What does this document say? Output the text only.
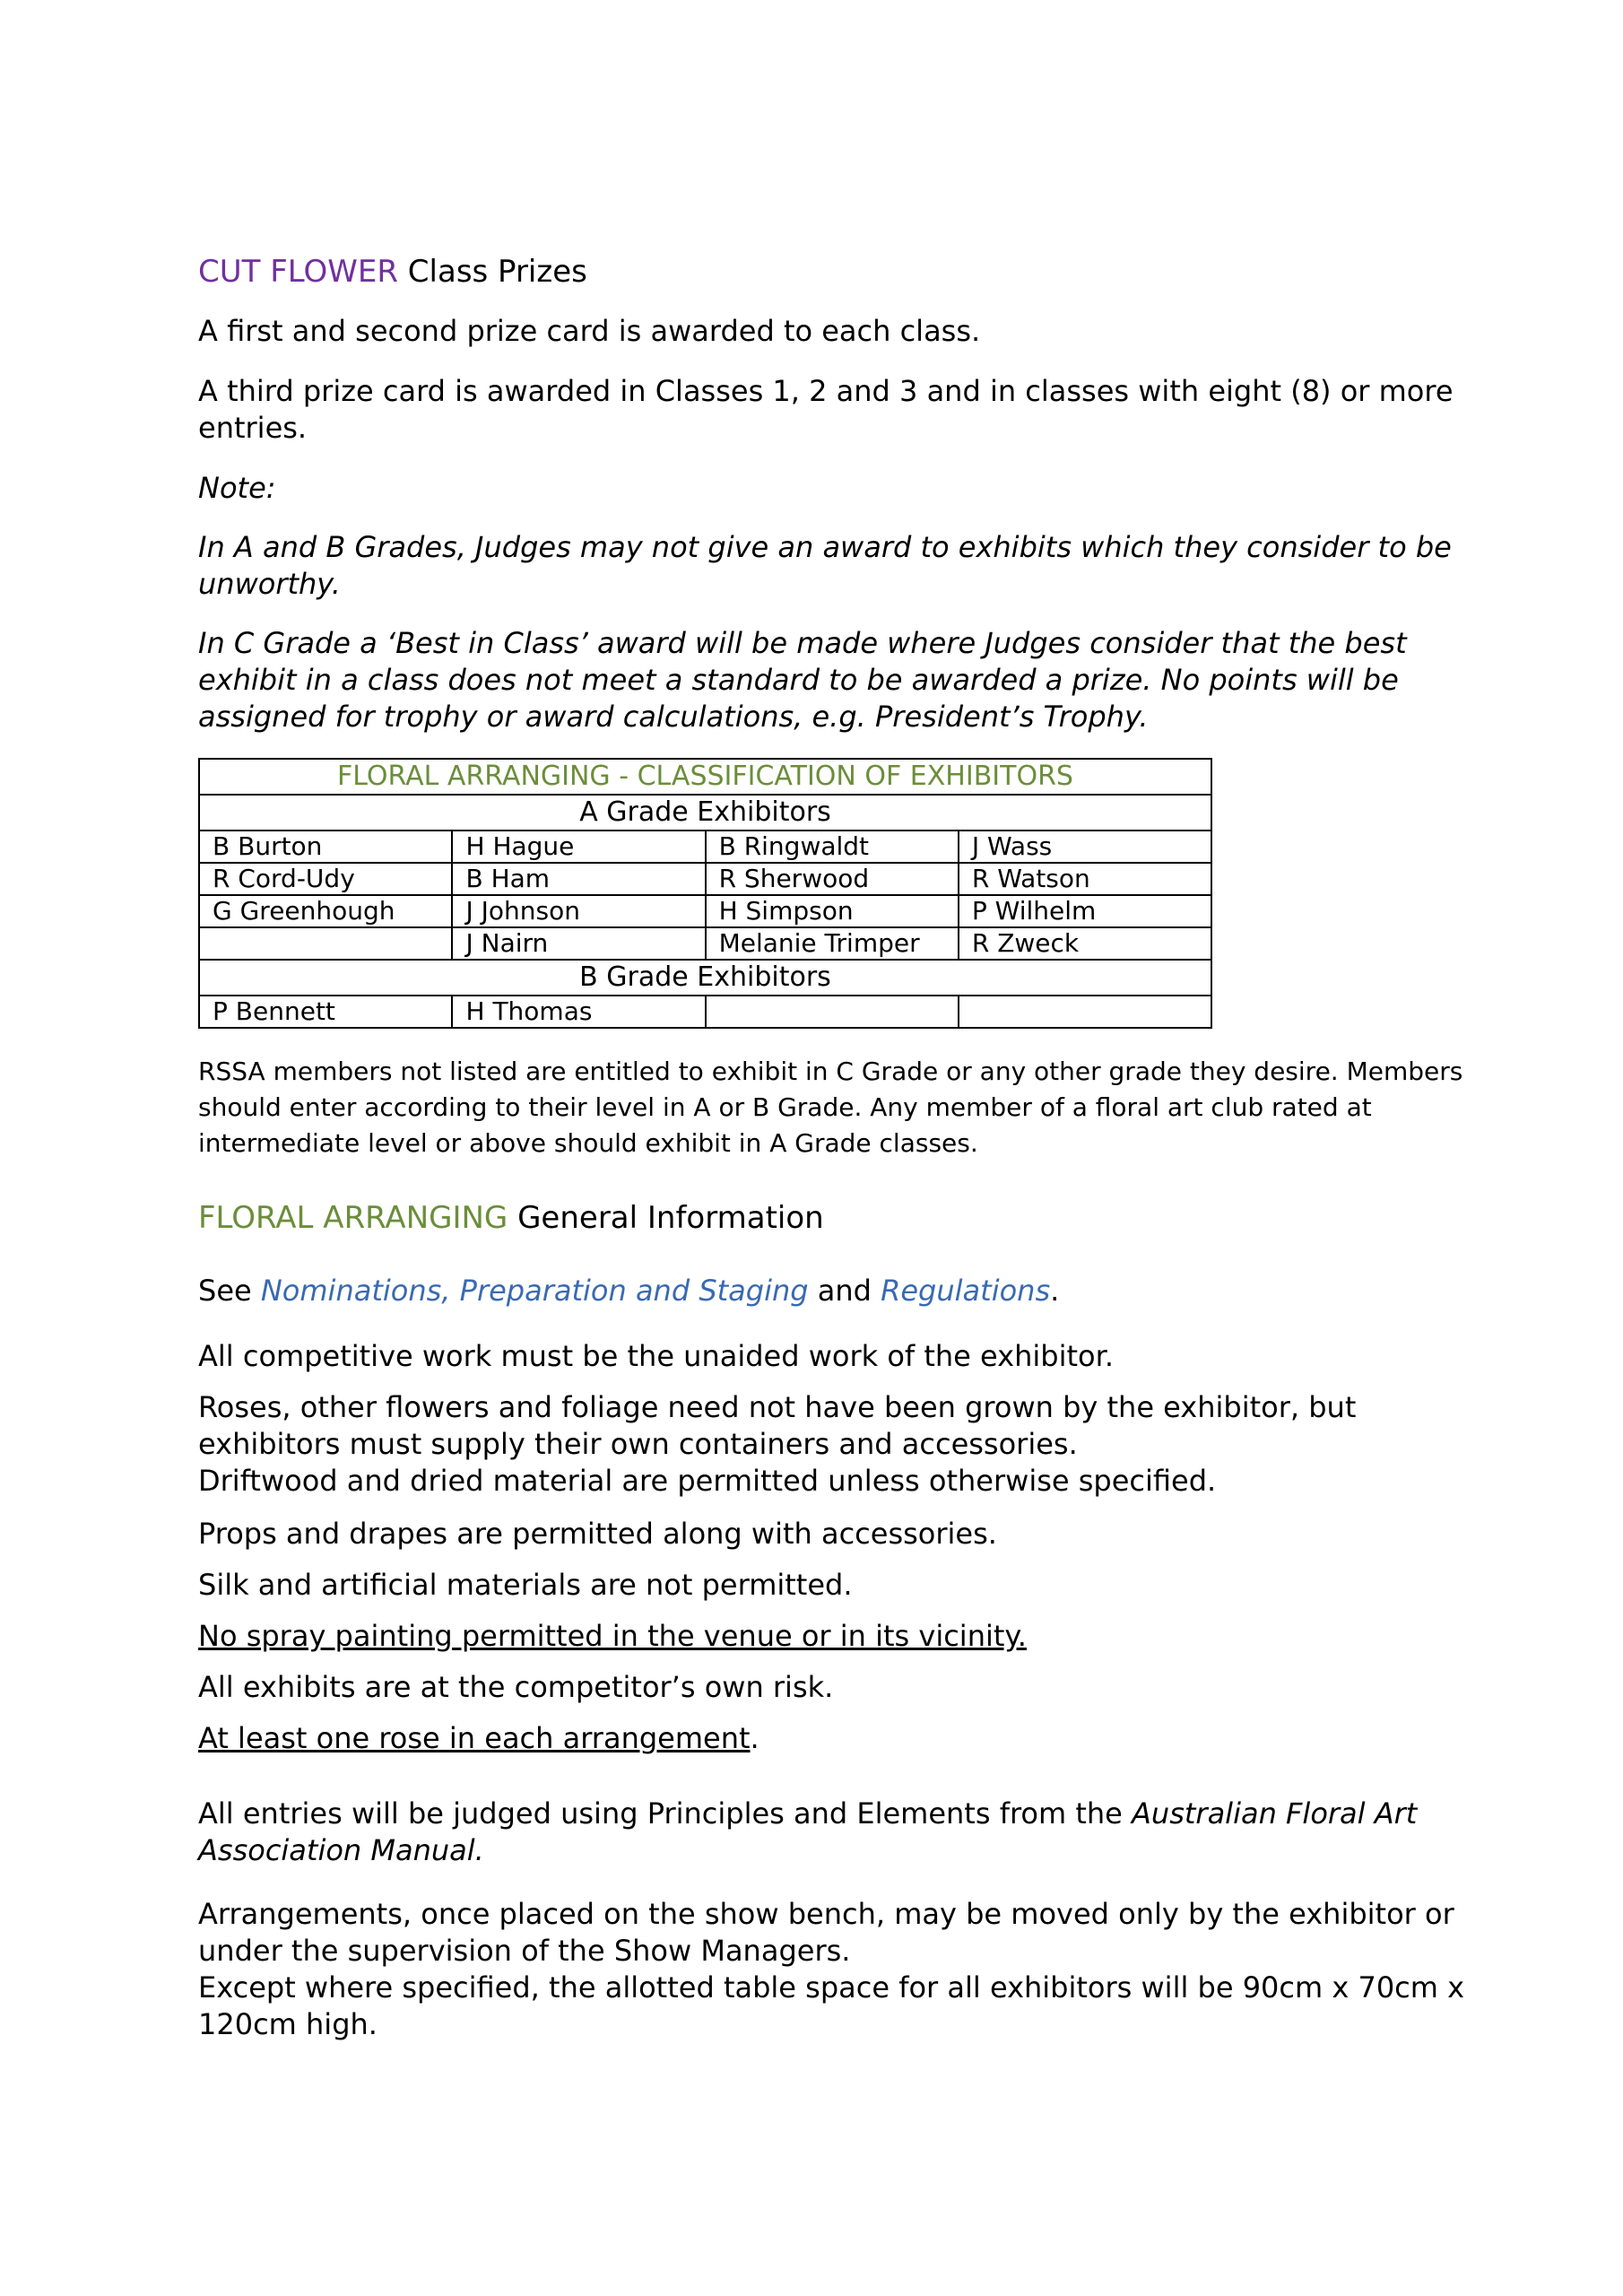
CUT FLOWER Class Prizes

A first and second prize card is awarded to each class.

A third prize card is awarded in Classes 1, 2 and 3 and in classes with eight (8) or more entries.

Note:

In A and B Grades, Judges may not give an award to exhibits which they consider to be unworthy.

In C Grade a ‘Best in Class’ award will be made where Judges consider that the best exhibit in a class does not meet a standard to be awarded a prize. No points will be assigned for trophy or award calculations, e.g. President’s Trophy.

FLORAL ARRANGING - CLASSIFICATION OF EXHIBITORS			
A Grade Exhibitors			
B Burton	H Hague	B Ringwaldt	J Wass
R Cord-Udy	B Ham	R Sherwood	R Watson
G Greenhough	J Johnson	H Simpson	P Wilhelm
	J Nairn	Melanie Trimper	R Zweck
B Grade Exhibitors			
P Bennett	H Thomas		

RSSA members not listed are entitled to exhibit in C Grade or any other grade they desire. Members should enter according to their level in A or B Grade. Any member of a floral art club rated at intermediate level or above should exhibit in A Grade classes.

FLORAL ARRANGING General Information

See Nominations, Preparation and Staging and Regulations.

All competitive work must be the unaided work of the exhibitor.

Roses, other flowers and foliage need not have been grown by the exhibitor, but exhibitors must supply their own containers and accessories.

Driftwood and dried material are permitted unless otherwise specified.

Props and drapes are permitted along with accessories.

Silk and artificial materials are not permitted.

No spray painting permitted in the venue or in its vicinity.

All exhibits are at the competitor’s own risk.

At least one rose in each arrangement.

All entries will be judged using Principles and Elements from the Australian Floral Art Association Manual.

Arrangements, once placed on the show bench, may be moved only by the exhibitor or under the supervision of the Show Managers.

Except where specified, the allotted table space for all exhibitors will be 90cm x 70cm x 120cm high.
